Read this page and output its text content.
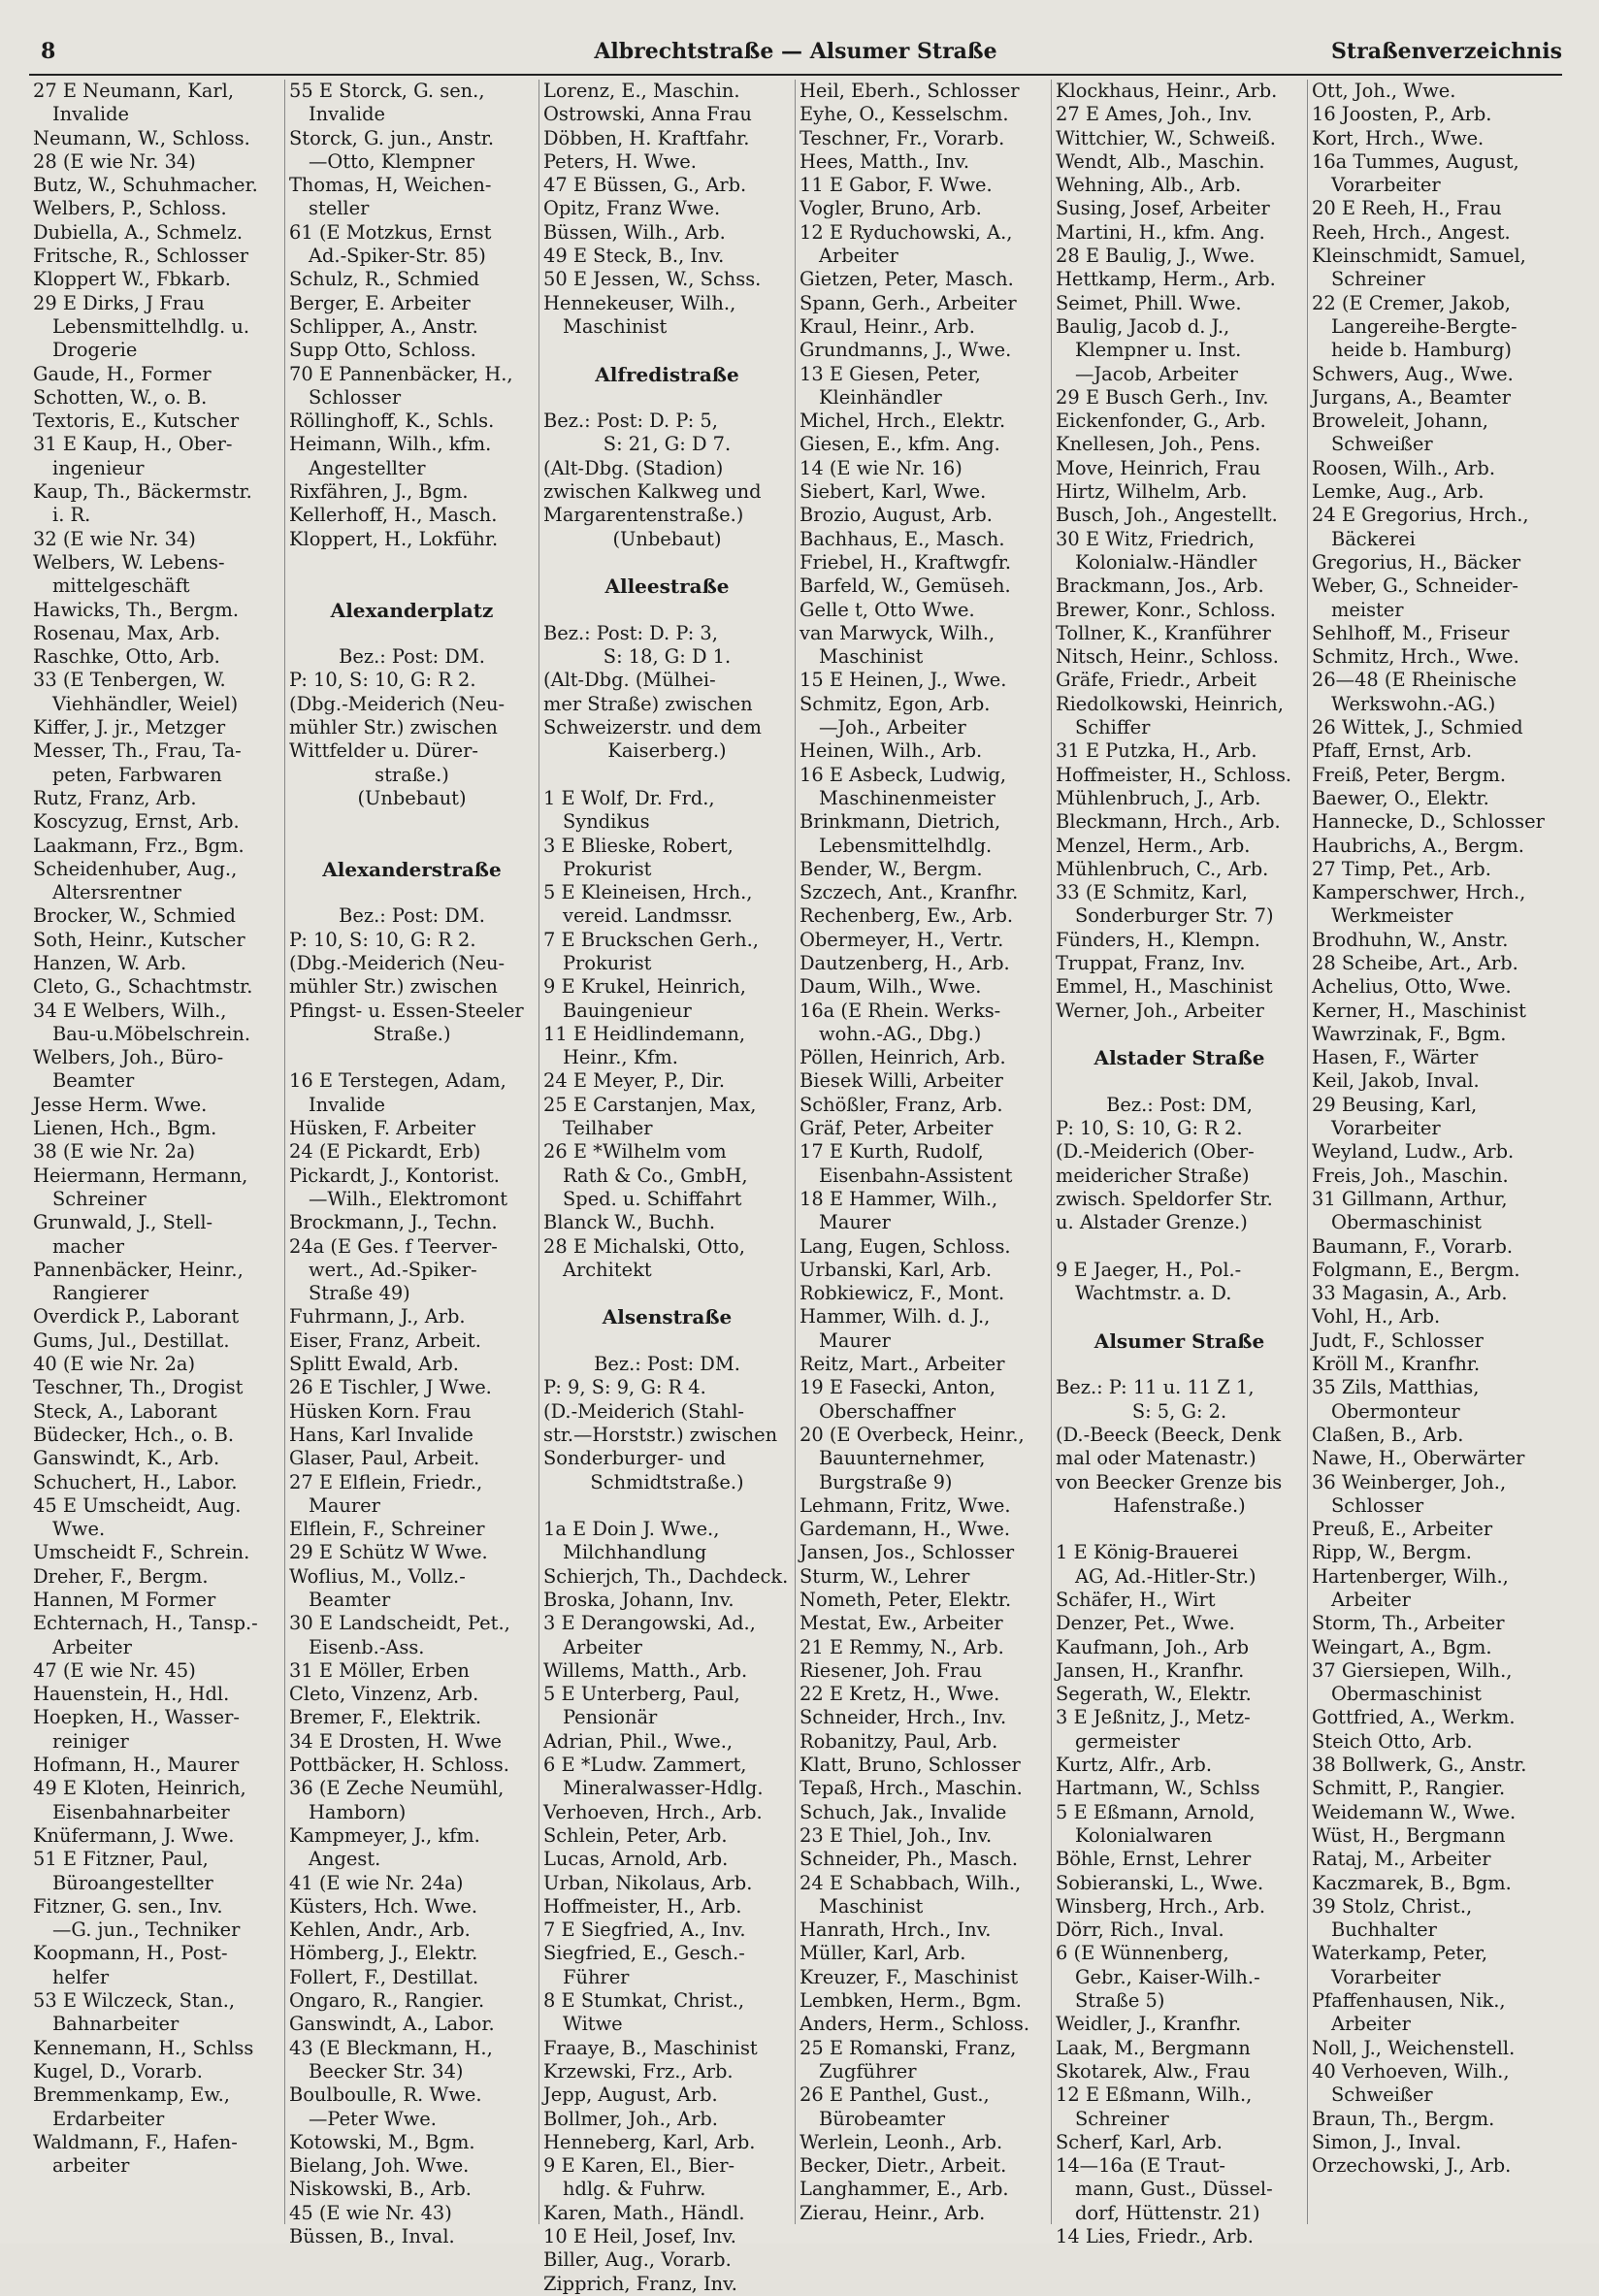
8	Albrechtstraße — Alsumer Straße	Straßenverzeichnis
27 E Neumann, Karl,
Invalide
Neumann, W., Schloss.
28 (E wie Nr. 34)
Butz, W., Schuhmacher.
Welbers, P., Schloss.
Dubiella, A., Schmelz.
Fritsche, R., Schlosser
Kloppert W., Fbkarb.
29 E Dirks, J Frau
Lebensmittelhdlg. u.
Drogerie
Gaude, H., Former
Schotten, W., o. B.
Textoris, E., Kutscher
31 E Kaup, H., Ober-
ingenieur
Kaup, Th., Bäckermstr.
i. R.
32 (E wie Nr. 34)
Welbers, W. Lebens-
mittelgeschäft
Hawicks, Th., Bergm.
Rosenau, Max, Arb.
Raschke, Otto, Arb.
33 (E Tenbergen, W.
Viehhändler, Weiel)
Kiffer, J. jr., Metzger
Messer, Th., Frau, Ta-
peten, Farbwaren
Rutz, Franz, Arb.
Koscyzug, Ernst, Arb.
Laakmann, Frz., Bgm.
Scheidenhuber, Aug.,
Altersrentner
Brocker, W., Schmied
Soth, Heinr., Kutscher
Hanzen, W. Arb.
Cleto, G., Schachtmstr.
34 E Welbers, Wilh.,
Bau-u.Möbelschrein.
Welbers, Joh., Büro-
Beamter
Jesse Herm. Wwe.
Lienen, Hch., Bgm.
38 (E wie Nr. 2a)
Heiermann, Hermann,
Schreiner
Grunwald, J., Stell-
macher
Pannenbäcker, Heinr.,
Rangierer
Overdick P., Laborant
Gums, Jul., Destillat.
40 (E wie Nr. 2a)
Teschner, Th., Drogist
Steck, A., Laborant
Büdecker, Hch., o. B.
Ganswindt, K., Arb.
Schuchert, H., Labor.
45 E Umscheidt, Aug.
Wwe.
Umscheidt F., Schrein.
Dreher, F., Bergm.
Hannen, M Former
Echternach, H., Tansp.-
Arbeiter
47 (E wie Nr. 45)
Hauenstein, H., Hdl.
Hoepken, H., Wasser-
reiniger
Hofmann, H., Maurer
49 E Kloten, Heinrich,
Eisenbahnarbeiter
Knüfermann, J. Wwe.
51 E Fitzner, Paul,
Büroangestellter
Fitzner, G. sen., Inv.
—G. jun., Techniker
Koopmann, H., Post-
helfer
53 E Wilczeck, Stan.,
Bahnarbeiter
Kennemann, H., Schlss
Kugel, D., Vorarb.
Bremmenkamp, Ew.,
Erdarbeiter
Waldmann, F., Hafen-
arbeiter
55 E Storck, G. sen.,
Invalide
Storck, G. jun., Anstr.
—Otto, Klempner
Thomas, H, Weichen-
steller
61 (E Motzkus, Ernst
Ad.-Spiker-Str. 85)
Schulz, R., Schmied
Berger, E. Arbeiter
Schlipper, A., Anstr.
Supp Otto, Schloss.
70 E Pannenbäcker, H.,
Schlosser
Röllinghoff, K., Schls.
Heimann, Wilh., kfm.
Angestellter
Rixfähren, J., Bgm.
Kellerhoff, H., Masch.
Kloppert, H., Lokführ.
Alexanderplatz
Bez.: Post: DM.
P: 10, S: 10, G: R 2.
(Dbg.-Meiderich (Neu-
mühler Str.) zwischen
Wittfelder u. Dürer-
straße.)
(Unbebaut)
Alexanderstraße
Bez.: Post: DM.
P: 10, S: 10, G: R 2.
(Dbg.-Meiderich (Neu-
mühler Str.) zwischen
Pfingst- u. Essen-Steeler
Straße.)
16 E Terstegen, Adam,
Invalide
Hüsken, F. Arbeiter
24 (E Pickardt, Erb)
Pickardt, J., Kontorist.
—Wilh., Elektromont
Brockmann, J., Techn.
24a (E Ges. f Teerver-
wert., Ad.-Spiker-
Straße 49)
Fuhrmann, J., Arb.
Eiser, Franz, Arbeit.
Splitt Ewald, Arb.
26 E Tischler, J Wwe.
Hüsken Korn. Frau
Hans, Karl Invalide
Glaser, Paul, Arbeit.
27 E Elflein, Friedr.,
Maurer
Elflein, F., Schreiner
29 E Schütz W Wwe.
Woflius, M., Vollz.-
Beamter
30 E Landscheidt, Pet.,
Eisenb.-Ass.
31 E Möller, Erben
Cleto, Vinzenz, Arb.
Bremer, F., Elektrik.
34 E Drosten, H. Wwe
Pottbäcker, H. Schloss.
36 (E Zeche Neumühl,
Hamborn)
Kampmeyer, J., kfm.
Angest.
41 (E wie Nr. 24a)
Küsters, Hch. Wwe.
Kehlen, Andr., Arb.
Hömberg, J., Elektr.
Follert, F., Destillat.
Ongaro, R., Rangier.
Ganswindt, A., Labor.
43 (E Bleckmann, H.,
Beecker Str. 34)
Boulboulle, R. Wwe.
—Peter Wwe.
Kotowski, M., Bgm.
Bielang, Joh. Wwe.
Niskowski, B., Arb.
45 (E wie Nr. 43)
Büssen, B., Inval.
Lorenz, E., Maschin.
Ostrowski, Anna Frau
Döbben, H. Kraftfahr.
Peters, H. Wwe.
47 E Büssen, G., Arb.
Opitz, Franz Wwe.
Büssen, Wilh., Arb.
49 E Steck, B., Inv.
50 E Jessen, W., Schss.
Hennekeuser, Wilh.,
Maschinist
Alfredistraße
Bez.: Post: D. P: 5,
S: 21, G: D 7.
(Alt-Dbg. (Stadion)
zwischen Kalkweg und
Margarentenstraße.)
(Unbebaut)
Alleestraße
Bez.: Post: D. P: 3,
S: 18, G: D 1.
(Alt-Dbg. (Mülhei-
mer Straße) zwischen
Schweizerstr. und dem
Kaiserberg.)
1 E Wolf, Dr. Frd.,
Syndikus
3 E Blieske, Robert,
Prokurist
5 E Kleineisen, Hrch.,
vereid. Landmssr.
7 E Bruckschen Gerh.,
Prokurist
9 E Krukel, Heinrich,
Bauingenieur
11 E Heidlindemann,
Heinr., Kfm.
24 E Meyer, P., Dir.
25 E Carstanjen, Max,
Teilhaber
26 E *Wilhelm vom
Rath & Co., GmbH,
Sped. u. Schiffahrt
Blanck W., Buchh.
28 E Michalski, Otto,
Architekt
Alsenstraße
Bez.: Post: DM.
P: 9, S: 9, G: R 4.
(D.-Meiderich (Stahl-
str.—Horststr.) zwischen
Sonderburger- und
Schmidtstraße.)
1a E Doin J. Wwe.,
Milchhandlung
Schierjch, Th., Dachdeck.
Broska, Johann, Inv.
3 E Derangowski, Ad.,
Arbeiter
Willems, Matth., Arb.
5 E Unterberg, Paul,
Pensionär
Adrian, Phil., Wwe.,
6 E *Ludw. Zammert,
Mineralwasser-Hdlg.
Verhoeven, Hrch., Arb.
Schlein, Peter, Arb.
Lucas, Arnold, Arb.
Urban, Nikolaus, Arb.
Hoffmeister, H., Arb.
7 E Siegfried, A., Inv.
Siegfried, E., Gesch.-
Führer
8 E Stumkat, Christ.,
Witwe
Fraaye, B., Maschinist
Krzewski, Frz., Arb.
Jepp, August, Arb.
Bollmer, Joh., Arb.
Henneberg, Karl, Arb.
9 E Karen, El., Bier-
hdlg. & Fuhrw.
Karen, Math., Händl.
10 E Heil, Josef, Inv.
Biller, Aug., Vorarb.
Zipprich, Franz, Inv.
Heil, Eberh., Schlosser
Eyhe, O., Kesselschm.
Teschner, Fr., Vorarb.
Hees, Matth., Inv.
11 E Gabor, F. Wwe.
Vogler, Bruno, Arb.
12 E Ryduchowski, A.,
Arbeiter
Gietzen, Peter, Masch.
Spann, Gerh., Arbeiter
Kraul, Heinr., Arb.
Grundmanns, J., Wwe.
13 E Giesen, Peter,
Kleinhändler
Michel, Hrch., Elektr.
Giesen, E., kfm. Ang.
14 (E wie Nr. 16)
Siebert, Karl, Wwe.
Brozio, August, Arb.
Bachhaus, E., Masch.
Friebel, H., Kraftwgfr.
Barfeld, W., Gemüseh.
Gelle t, Otto Wwe.
van Marwyck, Wilh.,
Maschinist
15 E Heinen, J., Wwe.
Schmitz, Egon, Arb.
—Joh., Arbeiter
Heinen, Wilh., Arb.
16 E Asbeck, Ludwig,
Maschinenmeister
Brinkmann, Dietrich,
Lebensmittelhdlg.
Bender, W., Bergm.
Szczech, Ant., Kranfhr.
Rechenberg, Ew., Arb.
Obermeyer, H., Vertr.
Dautzenberg, H., Arb.
Daum, Wilh., Wwe.
16a (E Rhein. Werks-
wohn.-AG., Dbg.)
Pöllen, Heinrich, Arb.
Biesek Willi, Arbeiter
Schößler, Franz, Arb.
Gräf, Peter, Arbeiter
17 E Kurth, Rudolf,
Eisenbahn-Assistent
18 E Hammer, Wilh.,
Maurer
Lang, Eugen, Schloss.
Urbanski, Karl, Arb.
Robkiewicz, F., Mont.
Hammer, Wilh. d. J.,
Maurer
Reitz, Mart., Arbeiter
19 E Fasecki, Anton,
Oberschaffner
20 (E Overbeck, Heinr.,
Bauunternehmer,
Burgstraße 9)
Lehmann, Fritz, Wwe.
Gardemann, H., Wwe.
Jansen, Jos., Schlosser
Sturm, W., Lehrer
Nometh, Peter, Elektr.
Mestat, Ew., Arbeiter
21 E Remmy, N., Arb.
Riesener, Joh. Frau
22 E Kretz, H., Wwe.
Schneider, Hrch., Inv.
Robanitzy, Paul, Arb.
Klatt, Bruno, Schlosser
Tepaß, Hrch., Maschin.
Schuch, Jak., Invalide
23 E Thiel, Joh., Inv.
Schneider, Ph., Masch.
24 E Schabbach, Wilh.,
Maschinist
Hanrath, Hrch., Inv.
Müller, Karl, Arb.
Kreuzer, F., Maschinist
Lembken, Herm., Bgm.
Anders, Herm., Schloss.
25 E Romanski, Franz,
Zugführer
26 E Panthel, Gust.,
Bürobeamter
Werlein, Leonh., Arb.
Becker, Dietr., Arbeit.
Langhammer, E., Arb.
Zierau, Heinr., Arb.
Klockhaus, Heinr., Arb.
27 E Ames, Joh., Inv.
Wittchier, W., Schweiß.
Wendt, Alb., Maschin.
Wehning, Alb., Arb.
Susing, Josef, Arbeiter
Martini, H., kfm. Ang.
28 E Baulig, J., Wwe.
Hettkamp, Herm., Arb.
Seimet, Phill. Wwe.
Baulig, Jacob d. J.,
Klempner u. Inst.
—Jacob, Arbeiter
29 E Busch Gerh., Inv.
Eickenfonder, G., Arb.
Knellesen, Joh., Pens.
Move, Heinrich, Frau
Hirtz, Wilhelm, Arb.
Busch, Joh., Angestellt.
30 E Witz, Friedrich,
Kolonialw.-Händler
Brackmann, Jos., Arb.
Brewer, Konr., Schloss.
Tollner, K., Kranführer
Nitsch, Heinr., Schloss.
Gräfe, Friedr., Arbeit
Riedolkowski, Heinrich,
Schiffer
31 E Putzka, H., Arb.
Hoffmeister, H., Schloss.
Mühlenbruch, J., Arb.
Bleckmann, Hrch., Arb.
Menzel, Herm., Arb.
Mühlenbruch, C., Arb.
33 (E Schmitz, Karl,
Sonderburger Str. 7)
Fünders, H., Klempn.
Truppat, Franz, Inv.
Emmel, H., Maschinist
Werner, Joh., Arbeiter
Alstader Straße
Bez.: Post: DM,
P: 10, S: 10, G: R 2.
(D.-Meiderich (Ober-
meidericher Straße)
zwisch. Speldorfer Str.
u. Alstader Grenze.)
9 E Jaeger, H., Pol.-
Wachtmstr. a. D.
Alsumer Straße
Bez.: P: 11 u. 11 Z 1,
S: 5, G: 2.
(D.-Beeck (Beeck, Denk
mal oder Matenastr.)
von Beecker Grenze bis
Hafenstraße.)
1 E König-Brauerei
AG, Ad.-Hitler-Str.)
Schäfer, H., Wirt
Denzer, Pet., Wwe.
Kaufmann, Joh., Arb
Jansen, H., Kranfhr.
Segerath, W., Elektr.
3 E Jeßnitz, J., Metz-
germeister
Kurtz, Alfr., Arb.
Hartmann, W., Schlss
5 E Eßmann, Arnold,
Kolonialwaren
Böhle, Ernst, Lehrer
Sobieranski, L., Wwe.
Winsberg, Hrch., Arb.
Dörr, Rich., Inval.
6 (E Wünnenberg,
Gebr., Kaiser-Wilh.-
Straße 5)
Weidler, J., Kranfhr.
Laak, M., Bergmann
Skotarek, Alw., Frau
12 E Eßmann, Wilh.,
Schreiner
Scherf, Karl, Arb.
14—16a (E Traut-
mann, Gust., Düssel-
dorf, Hüttenstr. 21)
14 Lies, Friedr., Arb.
Ott, Joh., Wwe.
16 Joosten, P., Arb.
Kort, Hrch., Wwe.
16a Tummes, August,
Vorarbeiter
20 E Reeh, H., Frau
Reeh, Hrch., Angest.
Kleinschmidt, Samuel,
Schreiner
22 (E Cremer, Jakob,
Langereihe-Bergte-
heide b. Hamburg)
Schwers, Aug., Wwe.
Jurgans, A., Beamter
Broweleit, Johann,
Schweißer
Roosen, Wilh., Arb.
Lemke, Aug., Arb.
24 E Gregorius, Hrch.,
Bäckerei
Gregorius, H., Bäcker
Weber, G., Schneider-
meister
Sehlhoff, M., Friseur
Schmitz, Hrch., Wwe.
26—48 (E Rheinische
Werkswohn.-AG.)
26 Wittek, J., Schmied
Pfaff, Ernst, Arb.
Freiß, Peter, Bergm.
Baewer, O., Elektr.
Hannecke, D., Schlosser
Haubrichs, A., Bergm.
27 Timp, Pet., Arb.
Kamperschwer, Hrch.,
Werkmeister
Brodhuhn, W., Anstr.
28 Scheibe, Art., Arb.
Achelius, Otto, Wwe.
Kerner, H., Maschinist
Wawrzinak, F., Bgm.
Hasen, F., Wärter
Keil, Jakob, Inval.
29 Beusing, Karl,
Vorarbeiter
Weyland, Ludw., Arb.
Freis, Joh., Maschin.
31 Gillmann, Arthur,
Obermaschinist
Baumann, F., Vorarb.
Folgmann, E., Bergm.
33 Magasin, A., Arb.
Vohl, H., Arb.
Judt, F., Schlosser
Kröll M., Kranfhr.
35 Zils, Matthias,
Obermonteur
Claßen, B., Arb.
Nawe, H., Oberwärter
36 Weinberger, Joh.,
Schlosser
Preuß, E., Arbeiter
Ripp, W., Bergm.
Hartenberger, Wilh.,
Arbeiter
Storm, Th., Arbeiter
Weingart, A., Bgm.
37 Giersiepen, Wilh.,
Obermaschinist
Gottfried, A., Werkm.
Steich Otto, Arb.
38 Bollwerk, G., Anstr.
Schmitt, P., Rangier.
Weidemann W., Wwe.
Wüst, H., Bergmann
Rataj, M., Arbeiter
Kaczmarek, B., Bgm.
39 Stolz, Christ.,
Buchhalter
Waterkamp, Peter,
Vorarbeiter
Pfaffenhausen, Nik.,
Arbeiter
Noll, J., Weichenstell.
40 Verhoeven, Wilh.,
Schweißer
Braun, Th., Bergm.
Simon, J., Inval.
Orzechowski, J., Arb.
